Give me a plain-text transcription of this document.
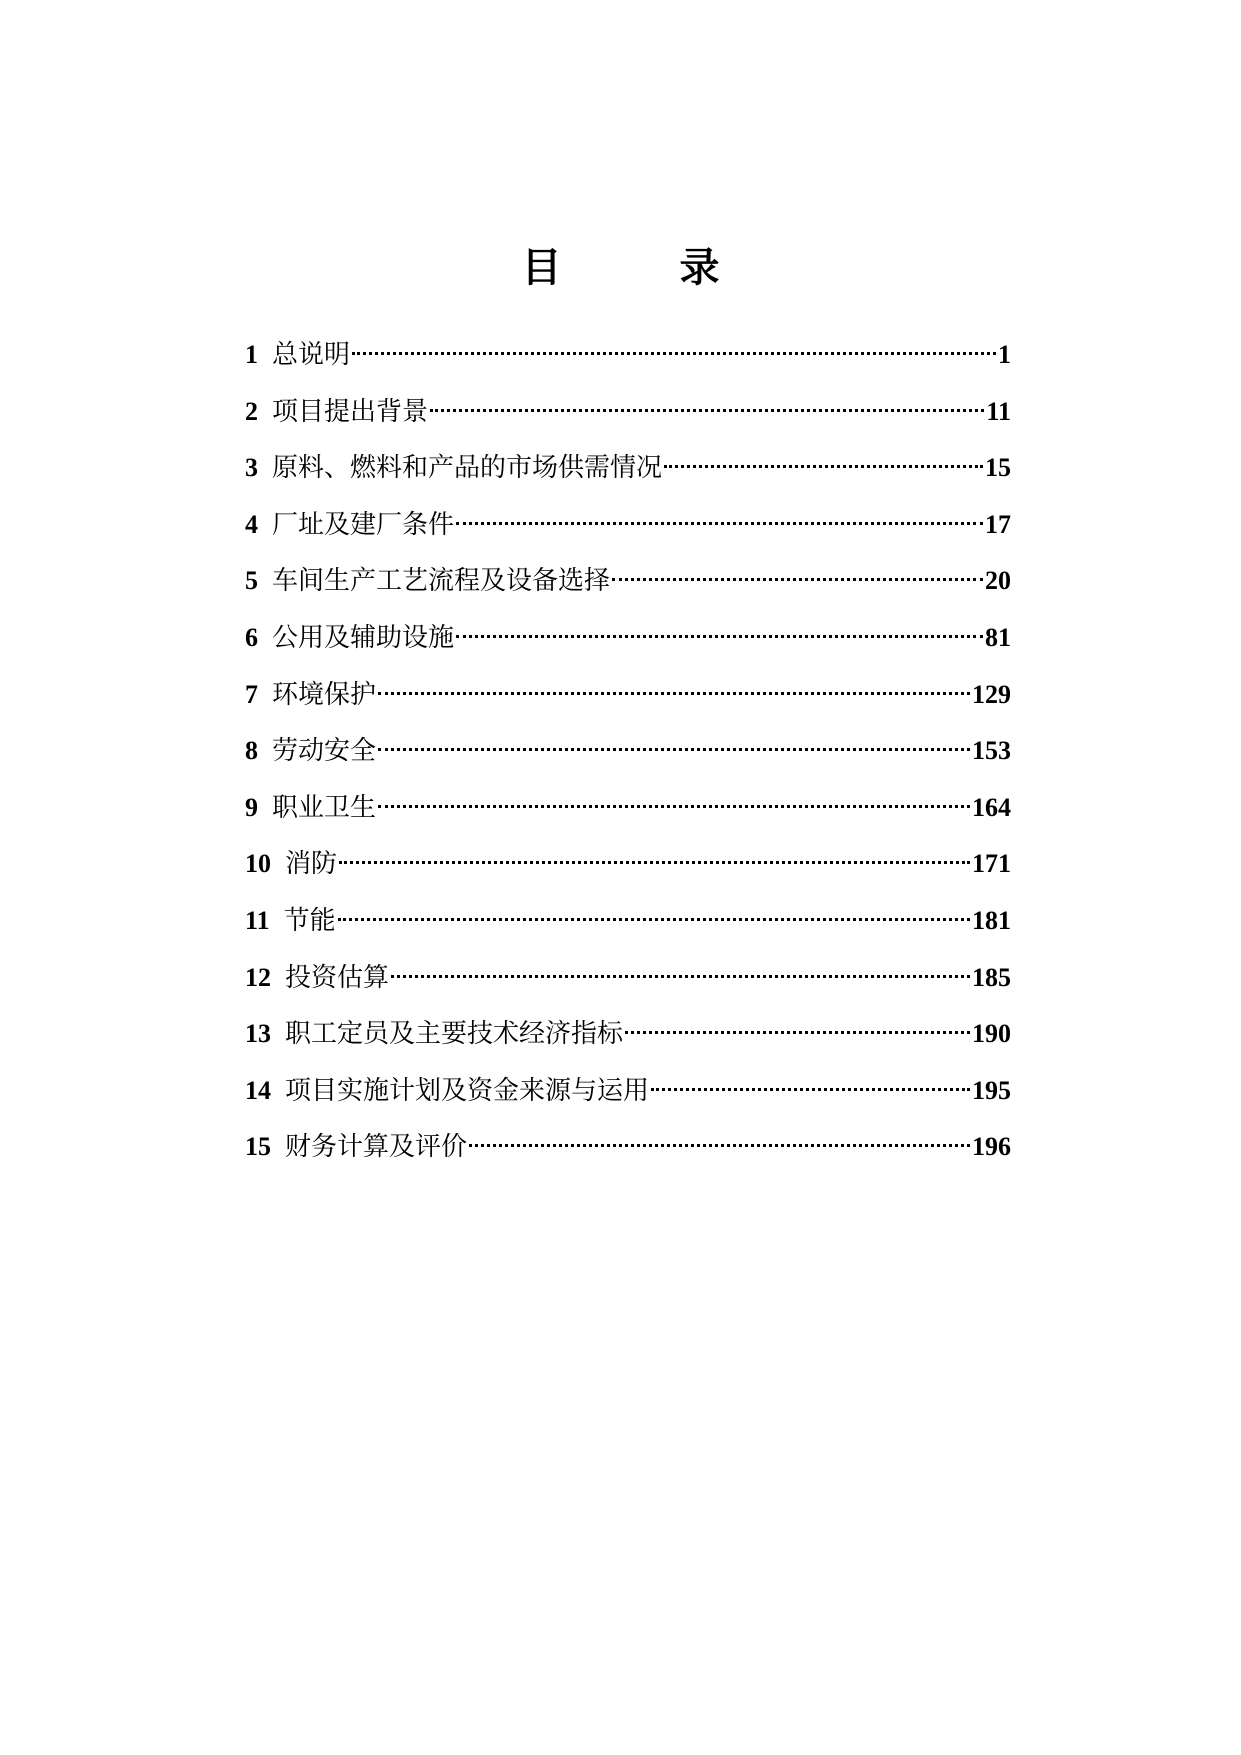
目	录
1 总说明	1
2 项目提出背景	11
3 原料、燃料和产品的市场供需情况	15
4 厂址及建厂条件	17
5 车间生产工艺流程及设备选择	20
6 公用及辅助设施	81
7 环境保护	129
8 劳动安全	153
9 职业卫生	164
10 消防	171
11 节能	181
12 投资估算	185
13 职工定员及主要技术经济指标	190
14 项目实施计划及资金来源与运用	195
15 财务计算及评价	196
